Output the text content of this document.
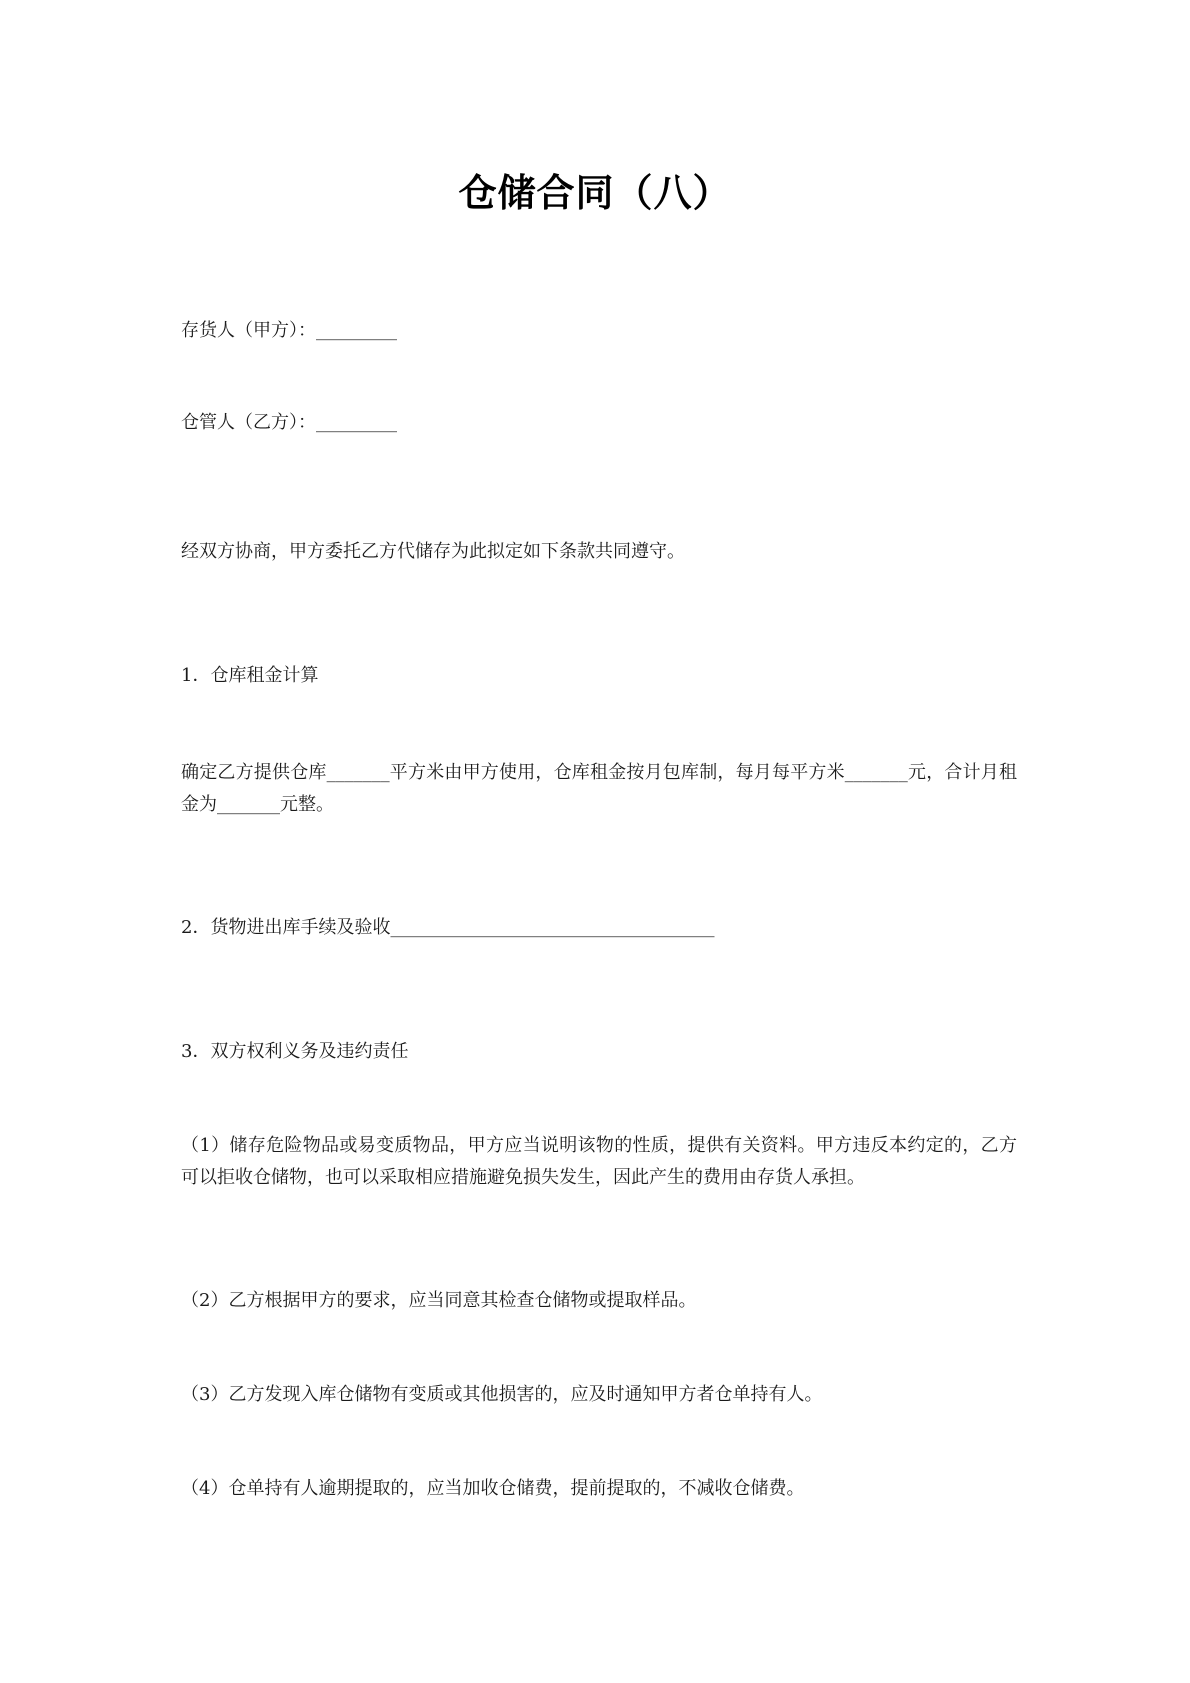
仓储合同（八）
存货人（甲方）：_________
仓管人（乙方）：_________
经双方协商，甲方委托乙方代储存为此拟定如下条款共同遵守。
1．仓库租金计算
确定乙方提供仓库_______平方米由甲方使用，仓库租金按月包库制，每月每平方米_______元，合计月租金为_______元整。
2．货物进出库手续及验收____________________________________
3．双方权利义务及违约责任
（1）储存危险物品或易变质物品，甲方应当说明该物的性质，提供有关资料。甲方违反本约定的，乙方可以拒收仓储物，也可以采取相应措施避免损失发生，因此产生的费用由存货人承担。
（2）乙方根据甲方的要求，应当同意其检查仓储物或提取样品。
（3）乙方发现入库仓储物有变质或其他损害的，应及时通知甲方者仓单持有人。
（4）仓单持有人逾期提取的，应当加收仓储费，提前提取的，不减收仓储费。
